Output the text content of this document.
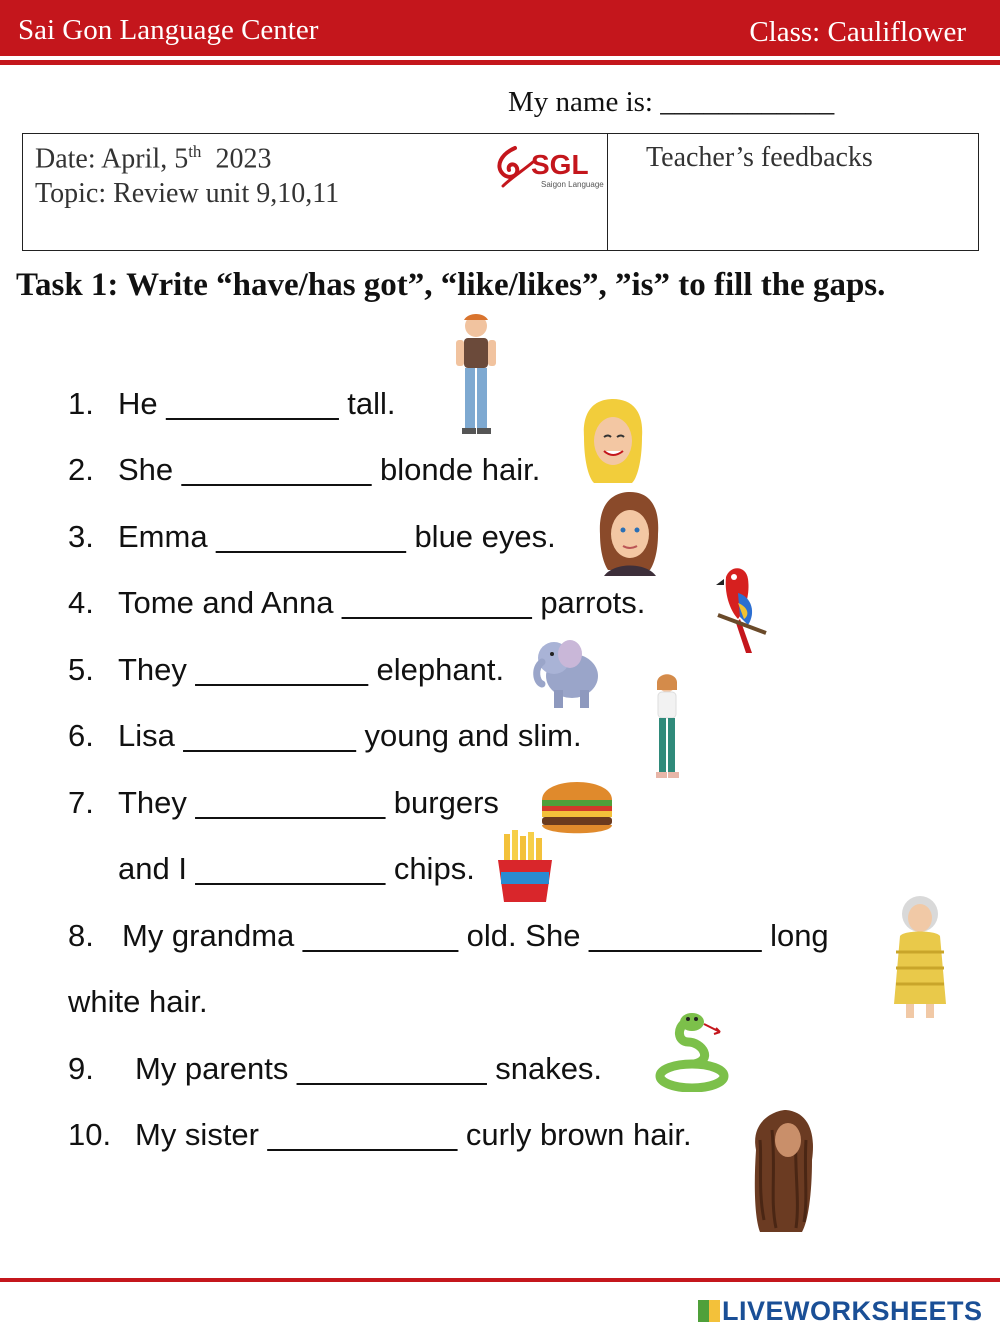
Sai Gon Language Center	Class: Cauliflower
My name is: ____________
Date: April, 5th 2023
Topic: Review unit 9,10,11
SGL
Saigon Language
Teacher’s feedbacks
Task 1: Write “have/has got”, “like/likes”, ”is” to fill the gaps.
1. He __________ tall.
2. She ___________ blonde hair.
3. Emma ___________ blue eyes.
4. Tome and Anna ___________ parrots.
5. They __________ elephant.
6. Lisa __________ young and slim.
7. They ___________ burgers
and I ___________ chips.
8. My grandma _________ old. She __________ long
white hair.
9. My parents ___________ snakes.
10. My sister ___________ curly brown hair.
LIVEWORKSHEETS
